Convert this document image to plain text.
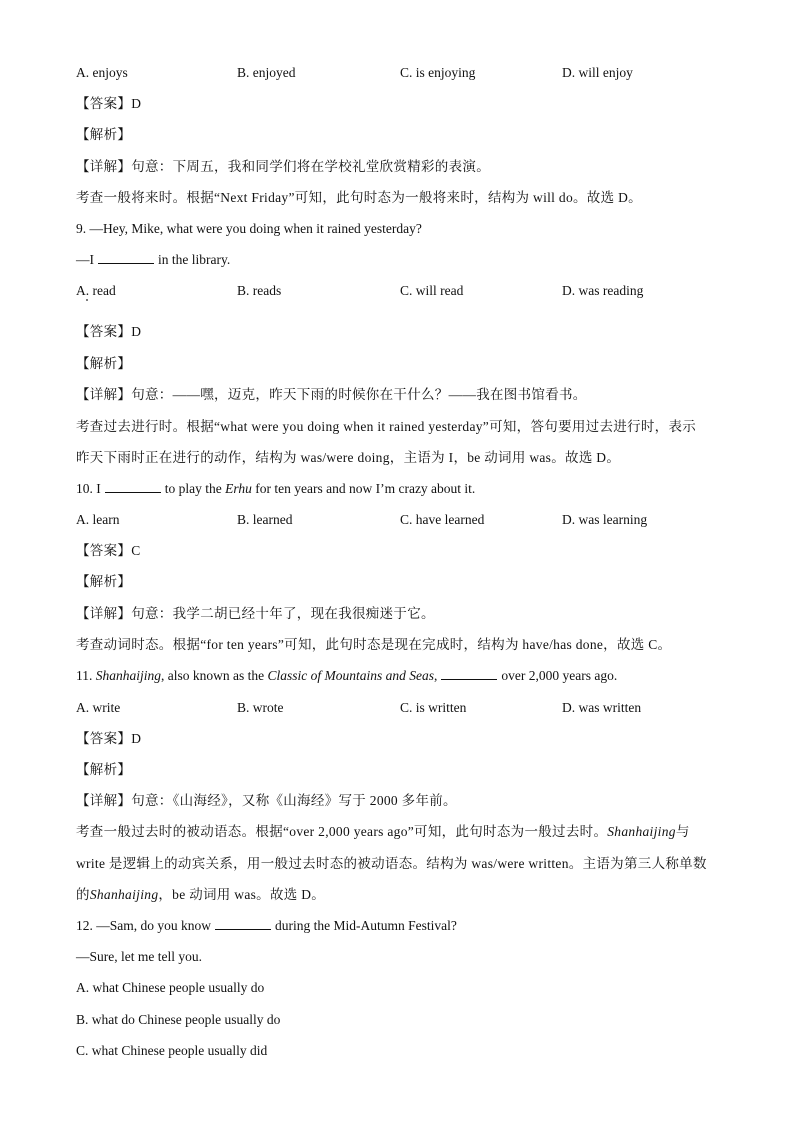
A. enjoys	B. enjoyed	C. is enjoying	D. will enjoy
【答案】D
【解析】
【详解】句意：下周五，我和同学们将在学校礼堂欣赏精彩的表演。
考查一般将来时。根据“Next Friday”可知，此句时态为一般将来时，结构为 will do。故选 D。
9. —Hey, Mike, what were you doing when it rained yesterday?
—I	in the library.
A. read	B. reads	C. will read	D. was reading
【答案】D
【解析】
【详解】句意：——嘿，迈克，昨天下雨的时候你在干什么？——我在图书馆看书。
考查过去进行时。根据“what were you doing when it rained yesterday”可知，答句要用过去进行时，表示
昨天下雨时正在进行的动作，结构为 was/were doing，主语为 I，be 动词用 was。故选 D。
10. I	to play the Erhu for ten years and now I’m crazy about it.
A. learn	B. learned	C. have learned	D. was learning
【答案】C
【解析】
【详解】句意：我学二胡已经十年了，现在我很痴迷于它。
考查动词时态。根据“for ten years”可知，此句时态是现在完成时，结构为 have/has done，故选 C。
11. Shanhaijing, also known as the Classic of Mountains and Seas,	over 2,000 years ago.
A. write	B. wrote	C. is written	D. was written
【答案】D
【解析】
【详解】句意：《山海经》，又称《山海经》写于 2000 多年前。
考查一般过去时的被动语态。根据“over 2,000 years ago”可知，此句时态为一般过去时。Shanhaijing与
write 是逻辑上的动宾关系，用一般过去时态的被动语态。结构为 was/were written。主语为第三人称单数
的Shanhaijing，be 动词用 was。故选 D。
12. —Sam, do you know	during the Mid-Autumn Festival?
—Sure, let me tell you.
A. what Chinese people usually do
B. what do Chinese people usually do
C. what Chinese people usually did
